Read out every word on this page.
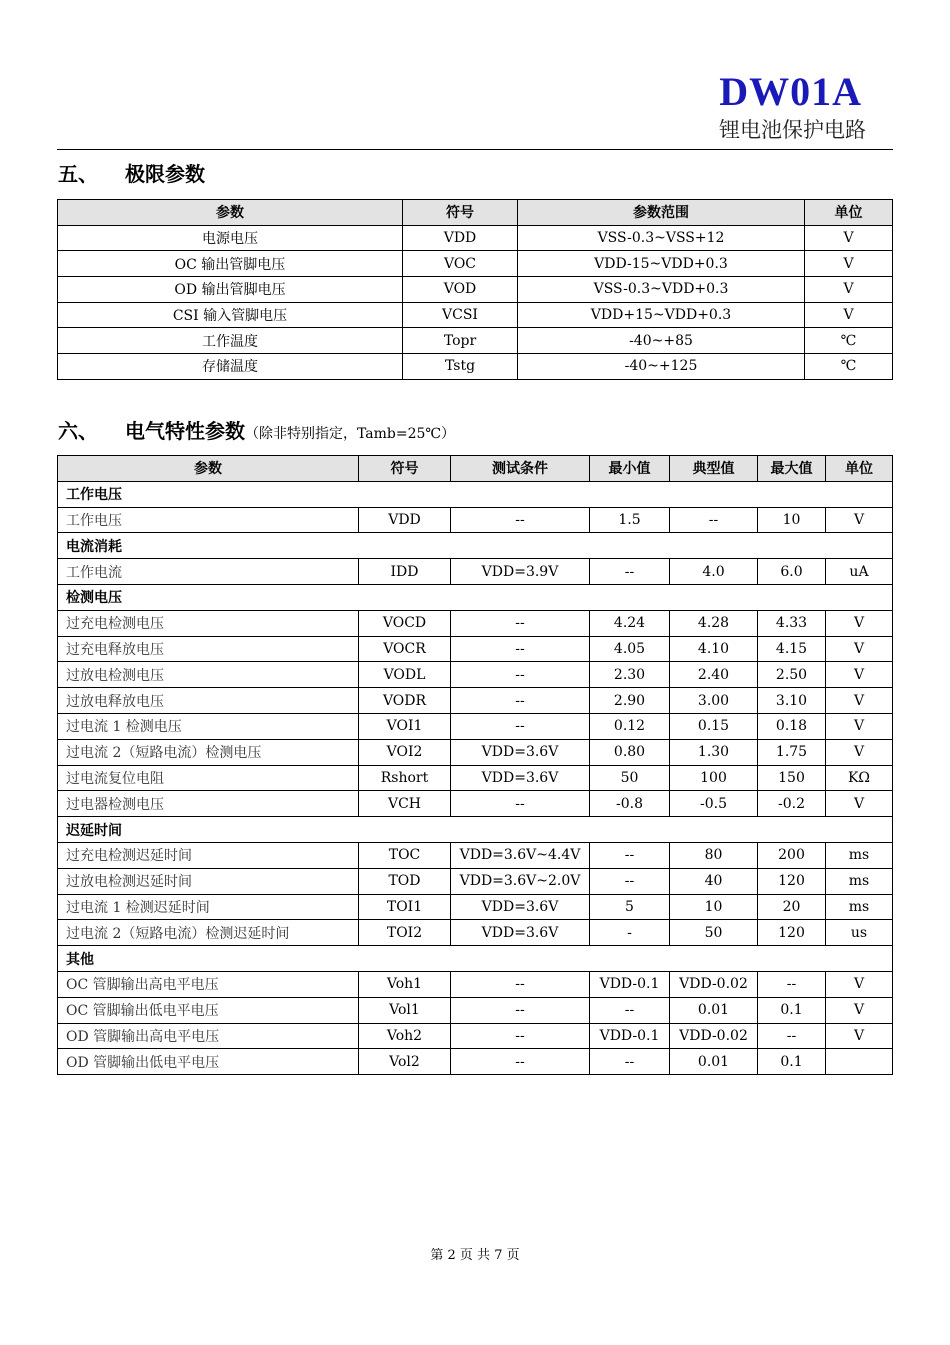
DW01A
锂电池保护电路
五、 极限参数
参数	符号	参数范围	单位
电源电压	VDD	VSS-0.3~VSS+12	V
OC 输出管脚电压	VOC	VDD-15~VDD+0.3	V
OD 输出管脚电压	VOD	VSS-0.3~VDD+0.3	V
CSI 输入管脚电压	VCSI	VDD+15~VDD+0.3	V
工作温度	Topr	-40~+85	℃
存储温度	Tstg	-40~+125	℃
六、 电气特性参数（除非特别指定，Tamb=25℃）
参数	符号	测试条件	最小值	典型值	最大值	单位
工作电压						
工作电压	VDD	--	1.5	--	10	V
电流消耗						
工作电流	IDD	VDD=3.9V	--	4.0	6.0	uA
检测电压						
过充电检测电压	VOCD	--	4.24	4.28	4.33	V
过充电释放电压	VOCR	--	4.05	4.10	4.15	V
过放电检测电压	VODL	--	2.30	2.40	2.50	V
过放电释放电压	VODR	--	2.90	3.00	3.10	V
过电流 1 检测电压	VOI1	--	0.12	0.15	0.18	V
过电流 2（短路电流）检测电压	VOI2	VDD=3.6V	0.80	1.30	1.75	V
过电流复位电阻	Rshort	VDD=3.6V	50	100	150	KΩ
过电器检测电压	VCH	--	-0.8	-0.5	-0.2	V
迟延时间						
过充电检测迟延时间	TOC	VDD=3.6V~4.4V	--	80	200	ms
过放电检测迟延时间	TOD	VDD=3.6V~2.0V	--	40	120	ms
过电流 1 检测迟延时间	TOI1	VDD=3.6V	5	10	20	ms
过电流 2（短路电流）检测迟延时间	TOI2	VDD=3.6V	-	50	120	us
其他						
OC 管脚输出高电平电压	Voh1	--	VDD-0.1	VDD-0.02	--	V
OC 管脚输出低电平电压	Vol1	--	--	0.01	0.1	V
OD 管脚输出高电平电压	Voh2	--	VDD-0.1	VDD-0.02	--	V
OD 管脚输出低电平电压	Vol2	--	--	0.01	0.1	
第 2 页 共 7 页
